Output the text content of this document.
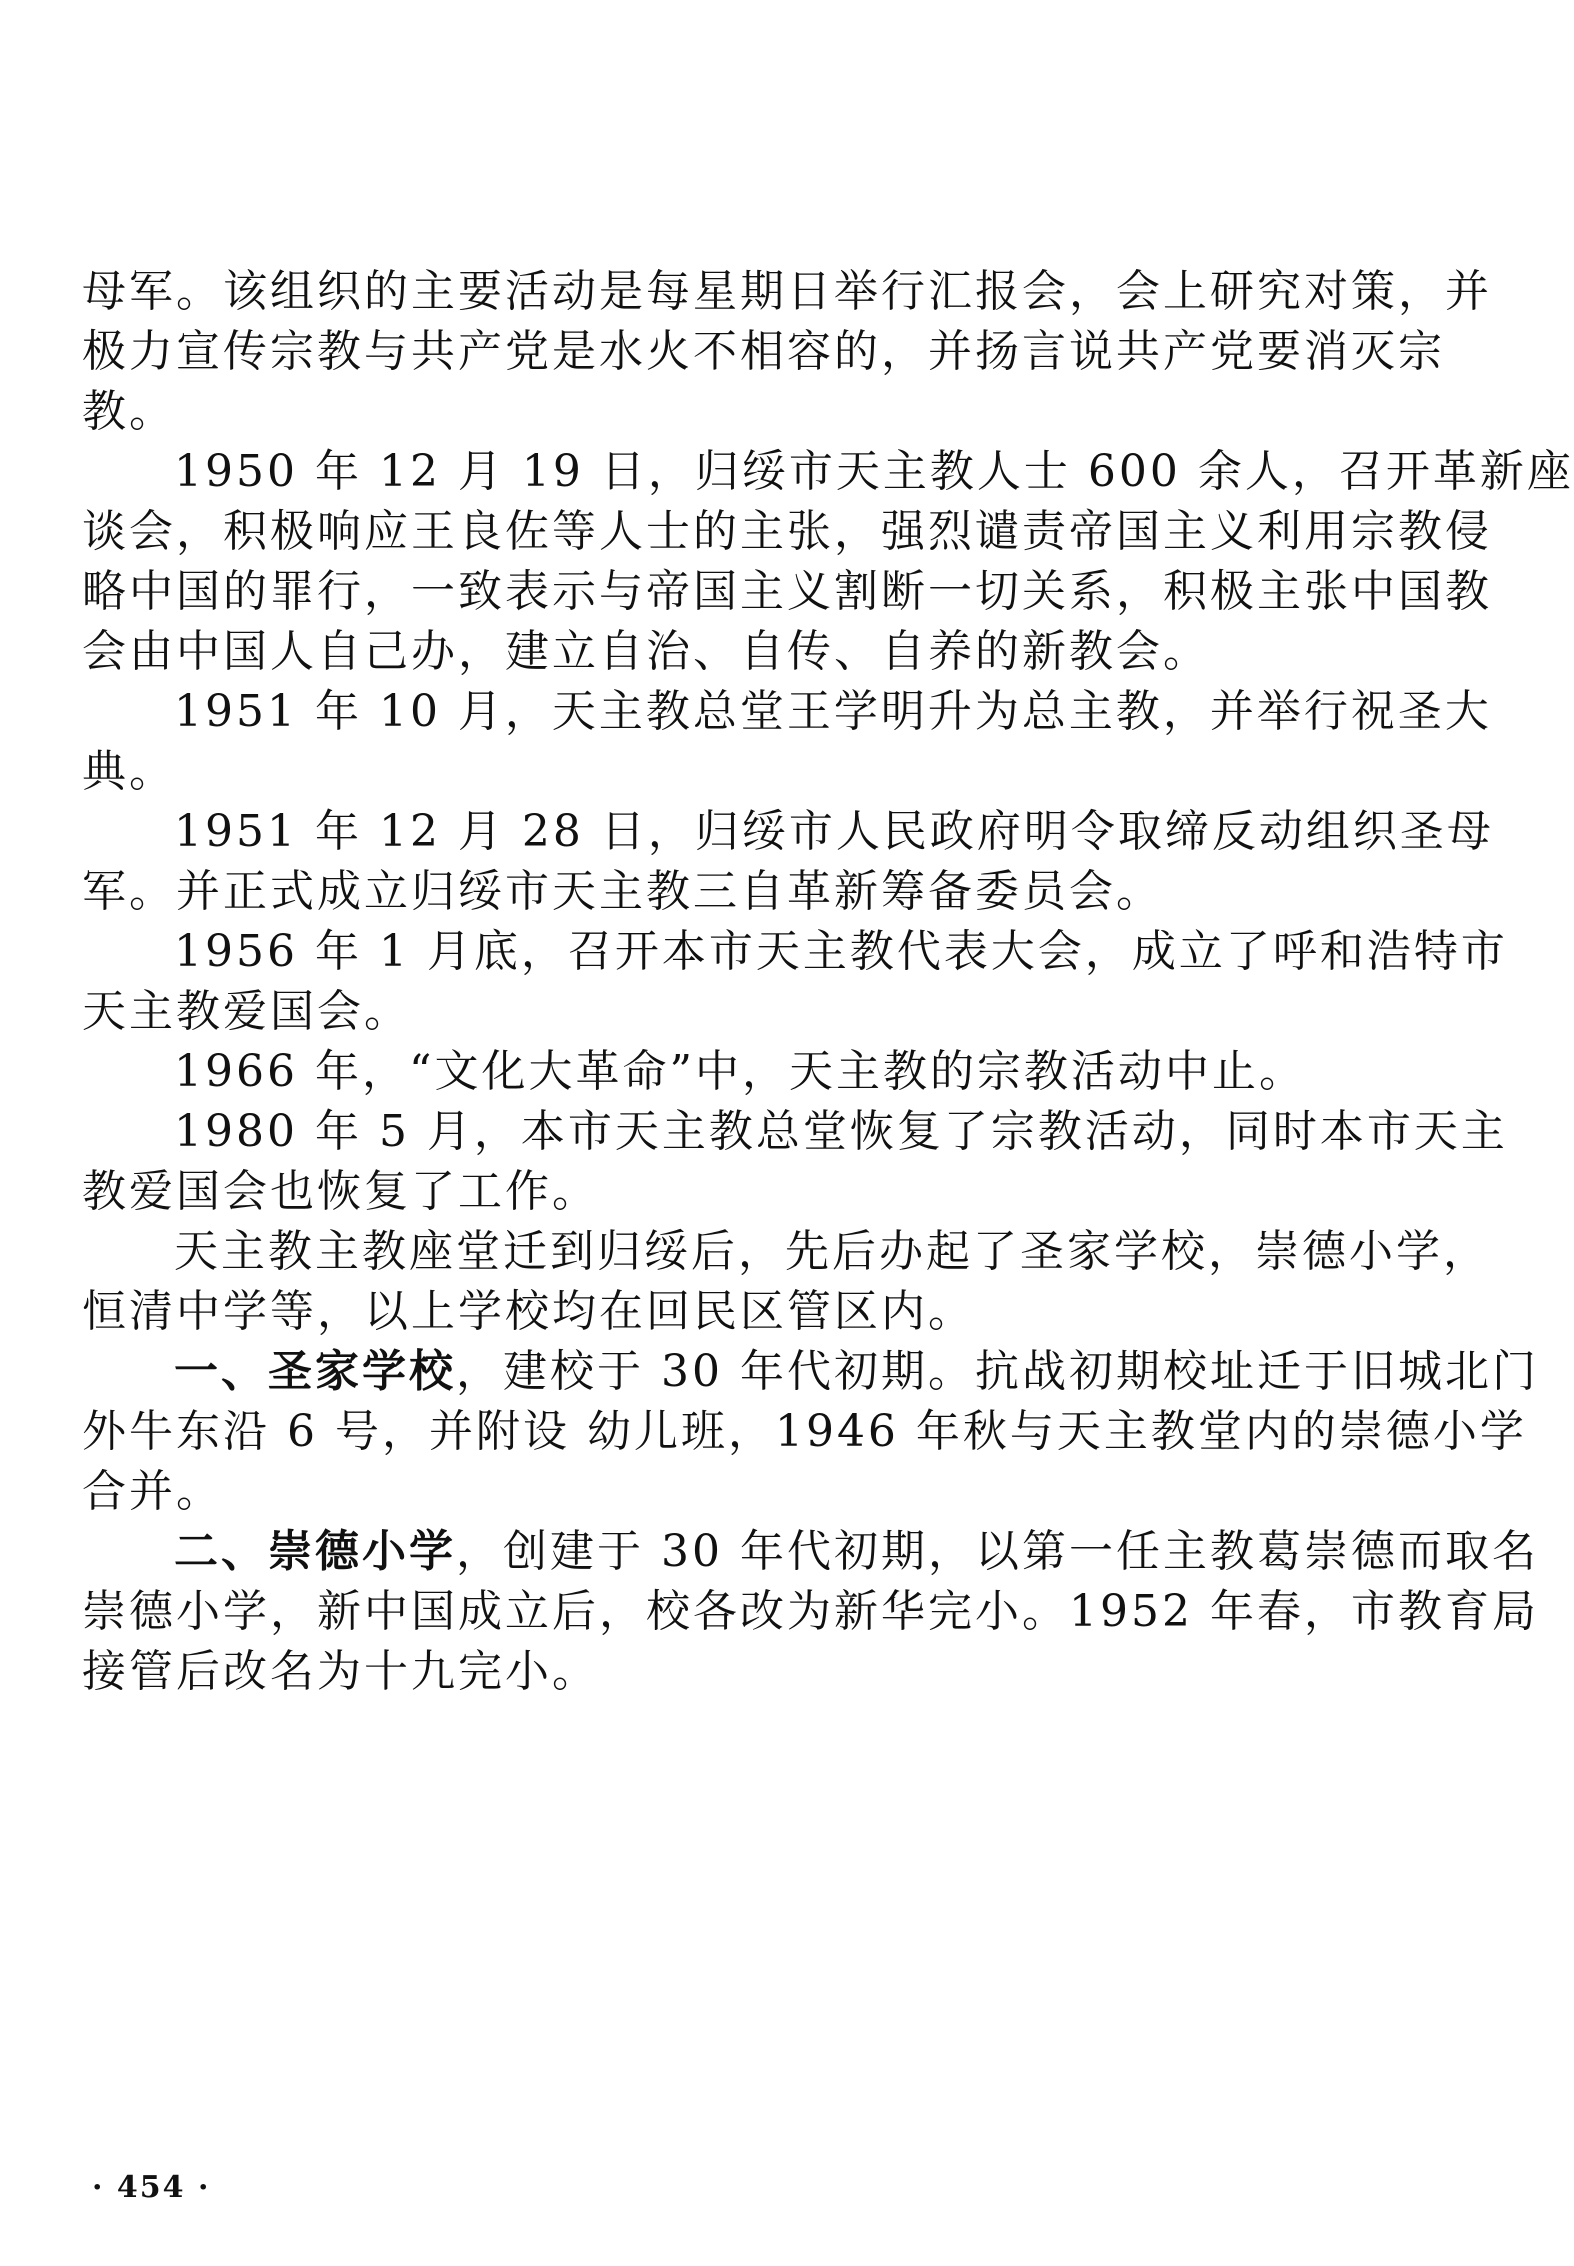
母军。该组织的主要活动是每星期日举行汇报会，会上研究对策，并
极力宣传宗教与共产党是水火不相容的，并扬言说共产党要消灭宗
教。
1950 年 12 月 19 日，归绥市天主教人士 600 余人，召开革新座
谈会，积极响应王良佐等人士的主张，强烈谴责帝国主义利用宗教侵
略中国的罪行，一致表示与帝国主义割断一切关系，积极主张中国教
会由中国人自己办，建立自治、自传、自养的新教会。
1951 年 10 月，天主教总堂王学明升为总主教，并举行祝圣大
典。
1951 年 12 月 28 日，归绥市人民政府明令取缔反动组织圣母
军。并正式成立归绥市天主教三自革新筹备委员会。
1956 年 1 月底，召开本市天主教代表大会，成立了呼和浩特市
天主教爱国会。
1966 年，“文化大革命”中，天主教的宗教活动中止。
1980 年 5 月，本市天主教总堂恢复了宗教活动，同时本市天主
教爱国会也恢复了工作。
天主教主教座堂迁到归绥后，先后办起了圣家学校，崇德小学，
恒清中学等，以上学校均在回民区管区内。
一、圣家学校，建校于 30 年代初期。抗战初期校址迁于旧城北门
外牛东沿 6 号，并附设 幼儿班，1946 年秋与天主教堂内的崇德小学
合并。
二、崇德小学，创建于 30 年代初期，以第一任主教葛崇德而取名
崇德小学，新中国成立后，校各改为新华完小。1952 年春，市教育局
接管后改名为十九完小。
· 454 ·
